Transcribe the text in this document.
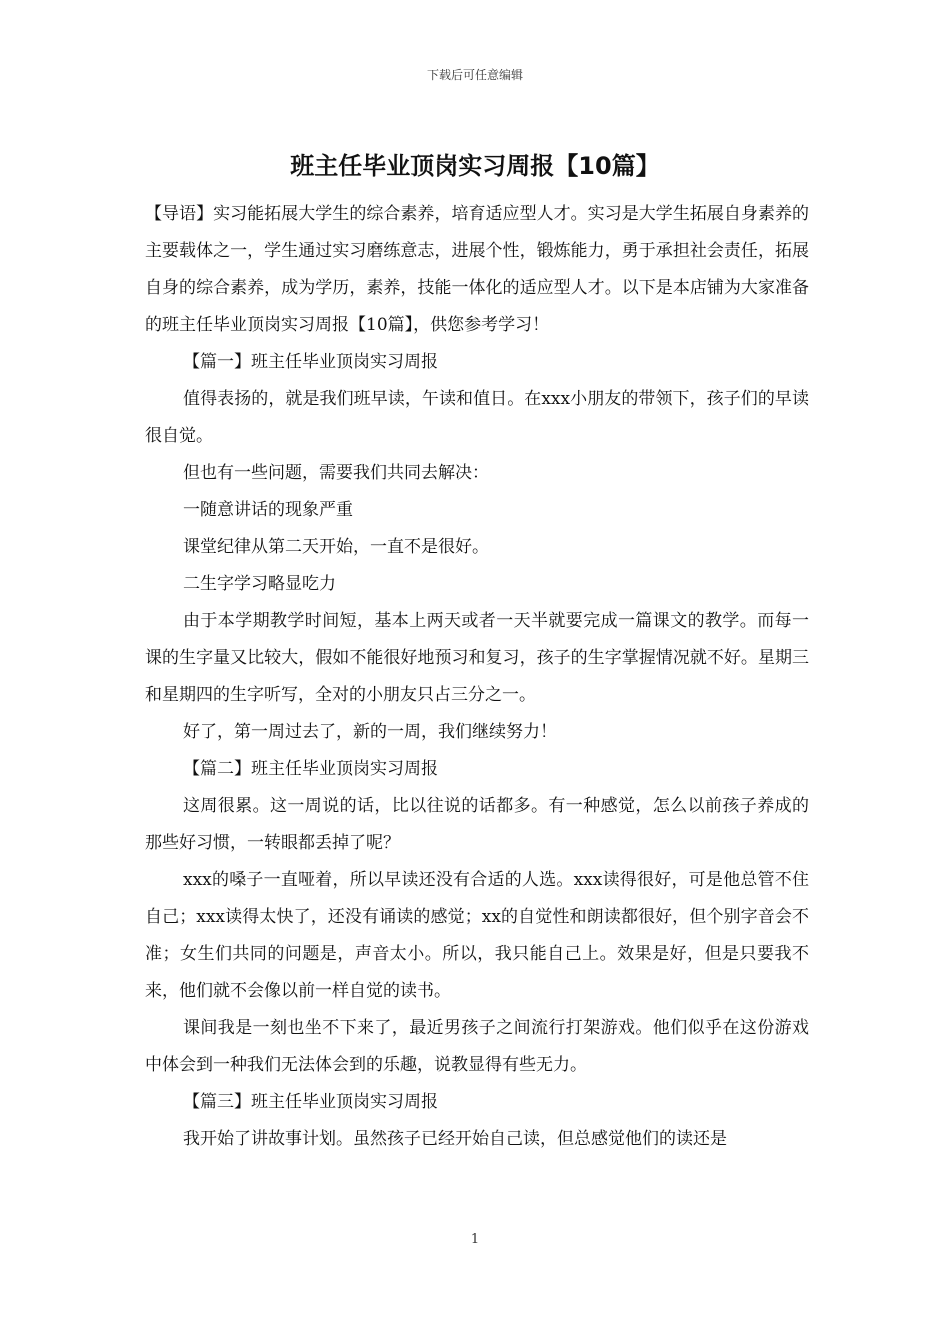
下载后可任意编辑
班主任毕业顶岗实习周报【10篇】

【导语】实习能拓展大学生的综合素养，培育适应型人才。实习是大学生拓展自身素养的主要载体之一，学生通过实习磨练意志，进展个性，锻炼能力，勇于承担社会责任，拓展自身的综合素养，成为学历，素养，技能一体化的适应型人才。以下是本店铺为大家准备的班主任毕业顶岗实习周报【10篇】，供您参考学习！

【篇一】班主任毕业顶岗实习周报

值得表扬的，就是我们班早读，午读和值日。在xxx小朋友的带领下，孩子们的早读很自觉。

但也有一些问题，需要我们共同去解决：

一随意讲话的现象严重

课堂纪律从第二天开始，一直不是很好。

二生字学习略显吃力

由于本学期教学时间短，基本上两天或者一天半就要完成一篇课文的教学。而每一课的生字量又比较大，假如不能很好地预习和复习，孩子的生字掌握情况就不好。星期三和星期四的生字听写，全对的小朋友只占三分之一。

好了，第一周过去了，新的一周，我们继续努力！

【篇二】班主任毕业顶岗实习周报

这周很累。这一周说的话，比以往说的话都多。有一种感觉，怎么以前孩子养成的那些好习惯，一转眼都丢掉了呢？

xxx的嗓子一直哑着，所以早读还没有合适的人选。xxx读得很好，可是他总管不住自己；xxx读得太快了，还没有诵读的感觉；xx的自觉性和朗读都很好，但个别字音会不准；女生们共同的问题是，声音太小。所以，我只能自己上。效果是好，但是只要我不来，他们就不会像以前一样自觉的读书。

课间我是一刻也坐不下来了，最近男孩子之间流行打架游戏。他们似乎在这份游戏中体会到一种我们无法体会到的乐趣，说教显得有些无力。

【篇三】班主任毕业顶岗实习周报

我开始了讲故事计划。虽然孩子已经开始自己读，但总感觉他们的读还是

1
